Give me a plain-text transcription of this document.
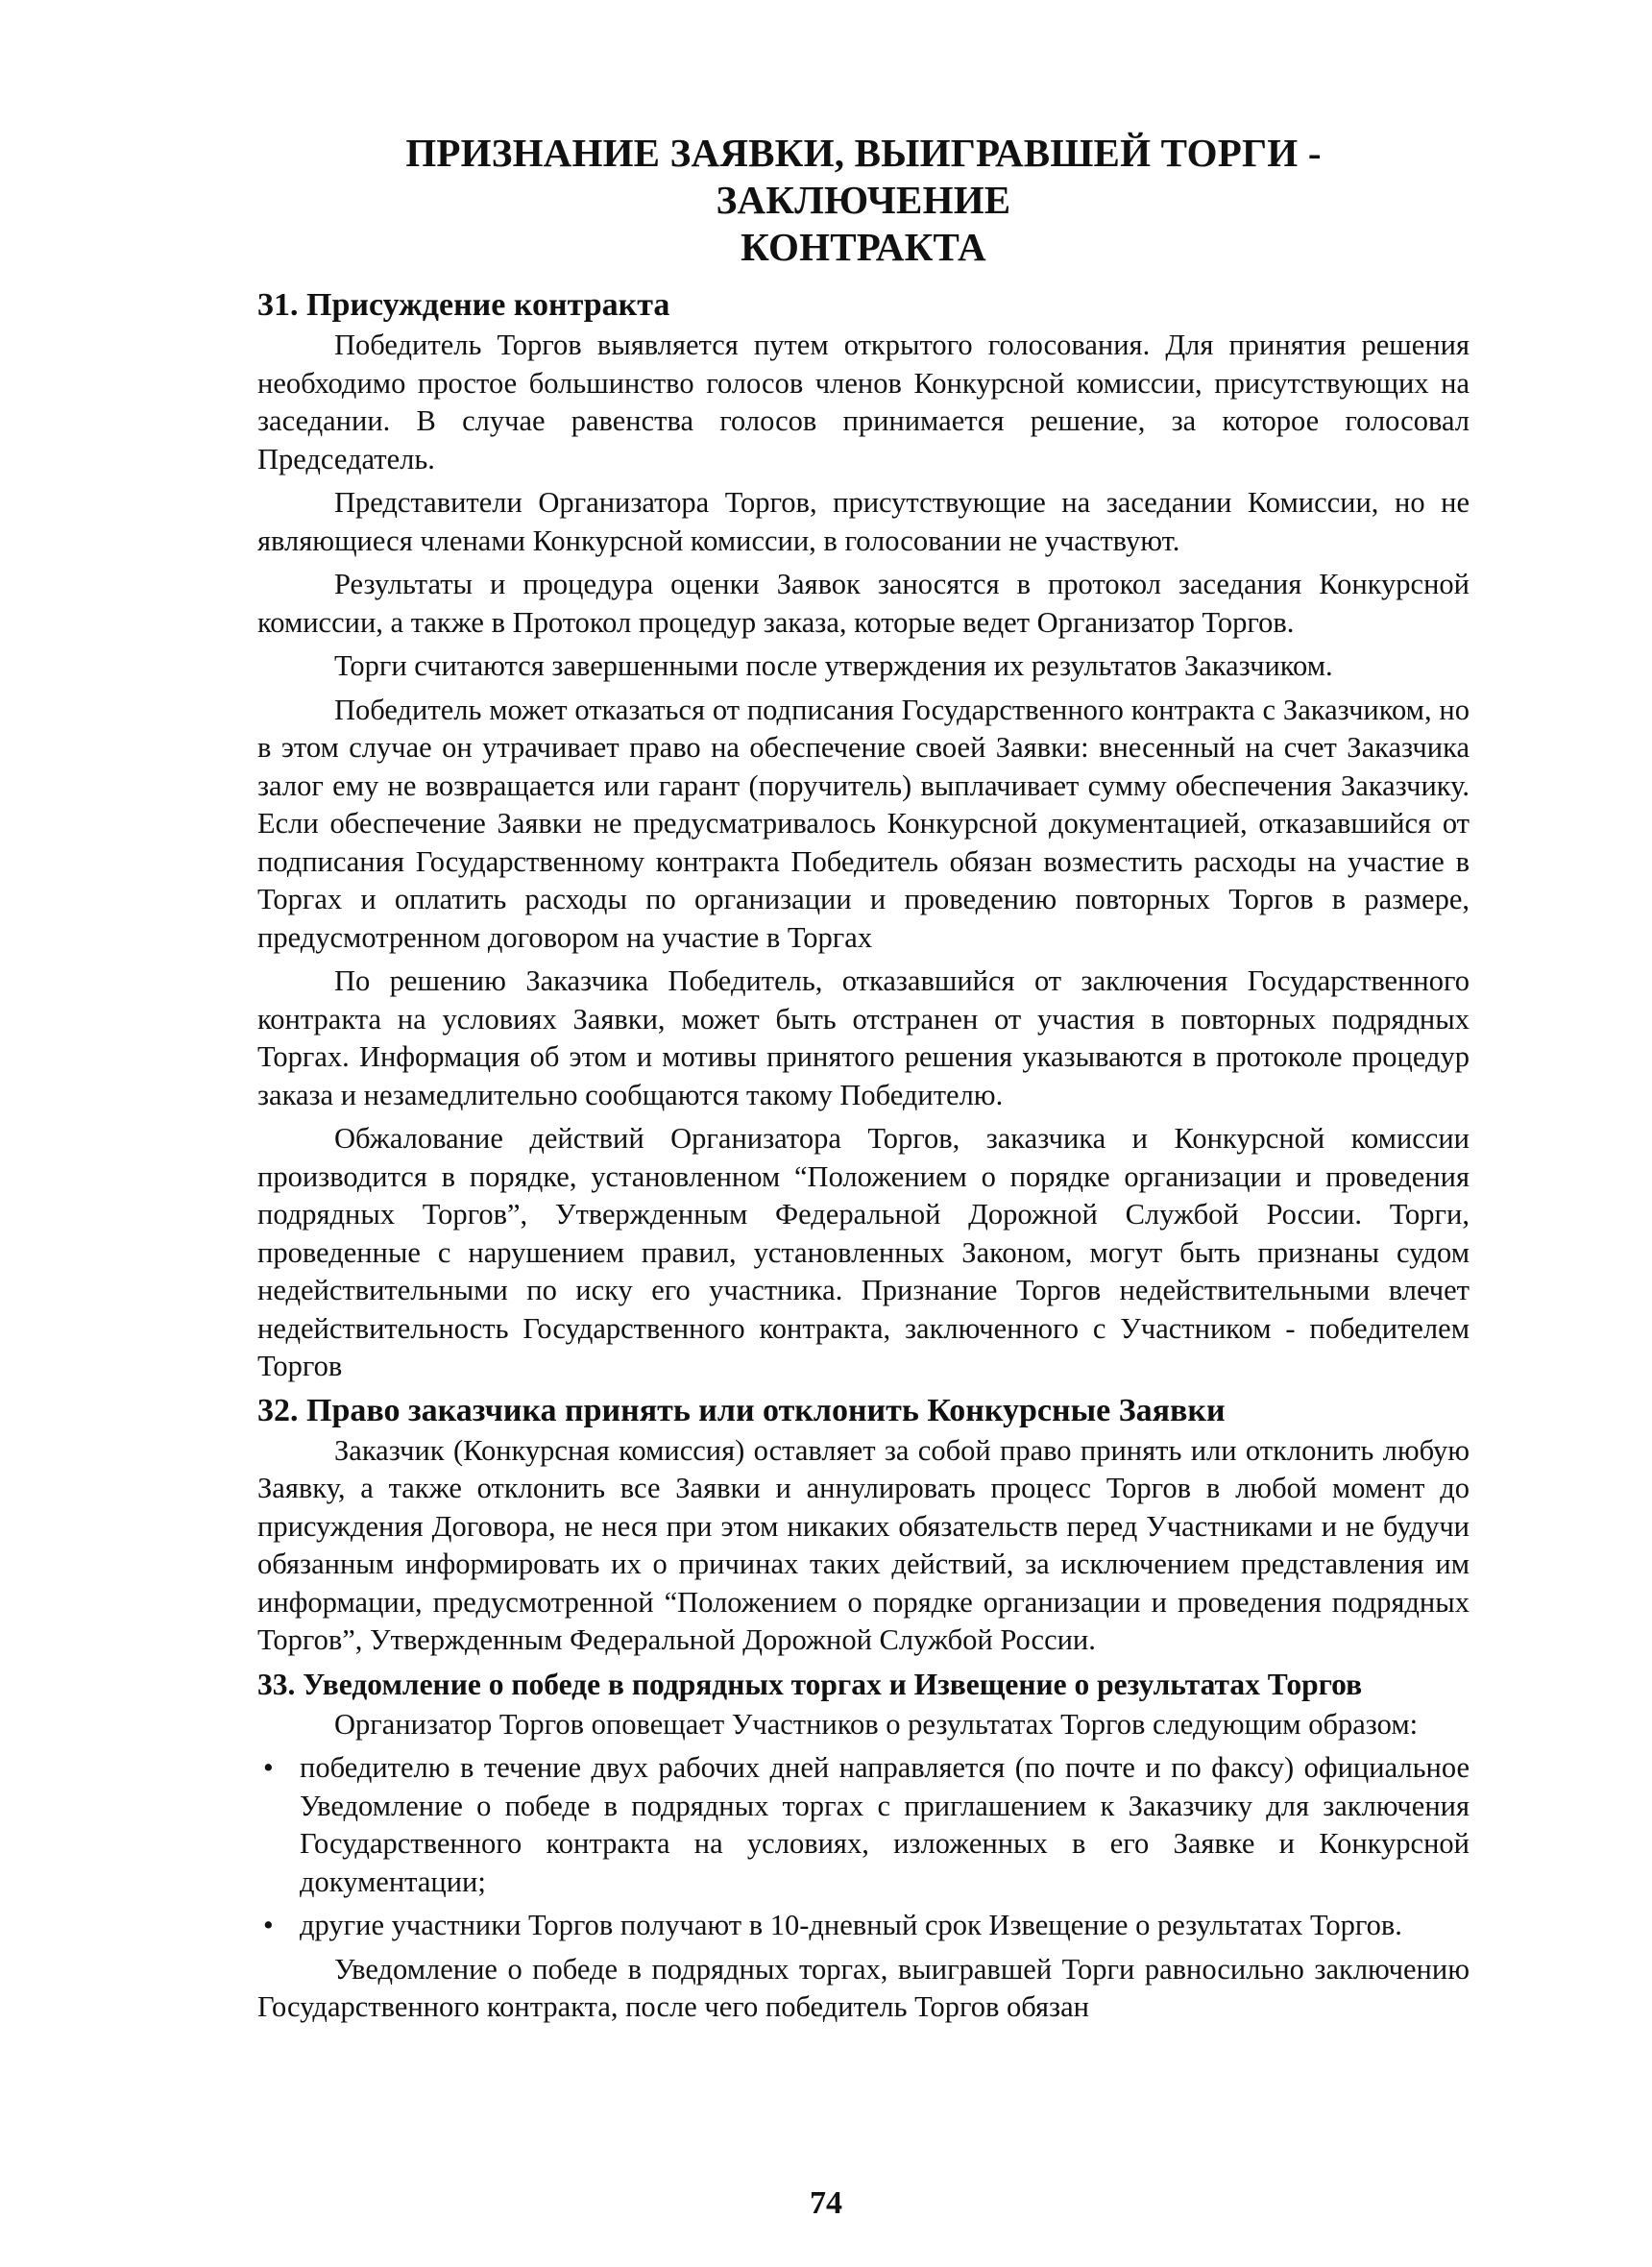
ПРИЗНАНИЕ ЗАЯВКИ, ВЫИГРАВШЕЙ ТОРГИ - ЗАКЛЮЧЕНИЕ
КОНТРАКТА
31. Присуждение контракта

Победитель Торгов выявляется путем открытого голосования. Для принятия решения необходимо простое большинство голосов членов Конкурсной комиссии, присутствующих на заседании. В случае равенства голосов принимается решение, за которое голосовал Председатель.

Представители Организатора Торгов, присутствующие на заседании Комиссии, но не являющиеся членами Конкурсной комиссии, в голосовании не участвуют.

Результаты и процедура оценки Заявок заносятся в протокол заседания Конкурсной комиссии, а также в Протокол процедур заказа, которые ведет Организатор Торгов.

Торги считаются завершенными после утверждения их результатов Заказчиком.

Победитель может отказаться от подписания Государственного контракта с Заказчиком, но в этом случае он утрачивает право на обеспечение своей Заявки: внесенный на счет Заказчика залог ему не возвращается или гарант (поручитель) выплачивает сумму обеспечения Заказчику. Если обеспечение Заявки не предусматривалось Конкурсной документацией, отказавшийся от подписания Государственному контракта Победитель обязан возместить расходы на участие в Торгах и оплатить расходы по организации и проведению повторных Торгов в размере, предусмотренном договором на участие в Торгах

По решению Заказчика Победитель, отказавшийся от заключения Государственного контракта на условиях Заявки, может быть отстранен от участия в повторных подрядных Торгах. Информация об этом и мотивы принятого решения указываются в протоколе процедур заказа и незамедлительно сообщаются такому Победителю.

Обжалование действий Организатора Торгов, заказчика и Конкурсной комиссии производится в порядке, установленном “Положением о порядке организации и проведения подрядных Торгов”, Утвержденным Федеральной Дорожной Службой России. Торги, проведенные с нарушением правил, установленных Законом, могут быть признаны судом недействительными по иску его участника. Признание Торгов недействительными влечет недействительность Государственного контракта, заключенного с Участником - победителем Торгов

32. Право заказчика принять или отклонить Конкурсные Заявки

Заказчик (Конкурсная комиссия) оставляет за собой право принять или отклонить любую Заявку, а также отклонить все Заявки и аннулировать процесс Торгов в любой момент до присуждения Договора, не неся при этом никаких обязательств перед Участниками и не будучи обязанным информировать их о причинах таких действий, за исключением представления им информации, предусмотренной “Положением о порядке организации и проведения подрядных Торгов”, Утвержденным Федеральной Дорожной Службой России.

33. Уведомление о победе в подрядных торгах и Извещение о результатах Торгов

Организатор Торгов оповещает Участников о результатах Торгов следующим образом:

• победителю в течение двух рабочих дней направляется (по почте и по факсу) официальное Уведомление о победе в подрядных торгах с приглашением к Заказчику для заключения Государственного контракта на условиях, изложенных в его Заявке и Конкурсной документации;
• другие участники Торгов получают в 10-дневный срок Извещение о результатах Торгов.

Уведомление о победе в подрядных торгах, выигравшей Торги равносильно заключению Государственного контракта, после чего победитель Торгов обязан

74
